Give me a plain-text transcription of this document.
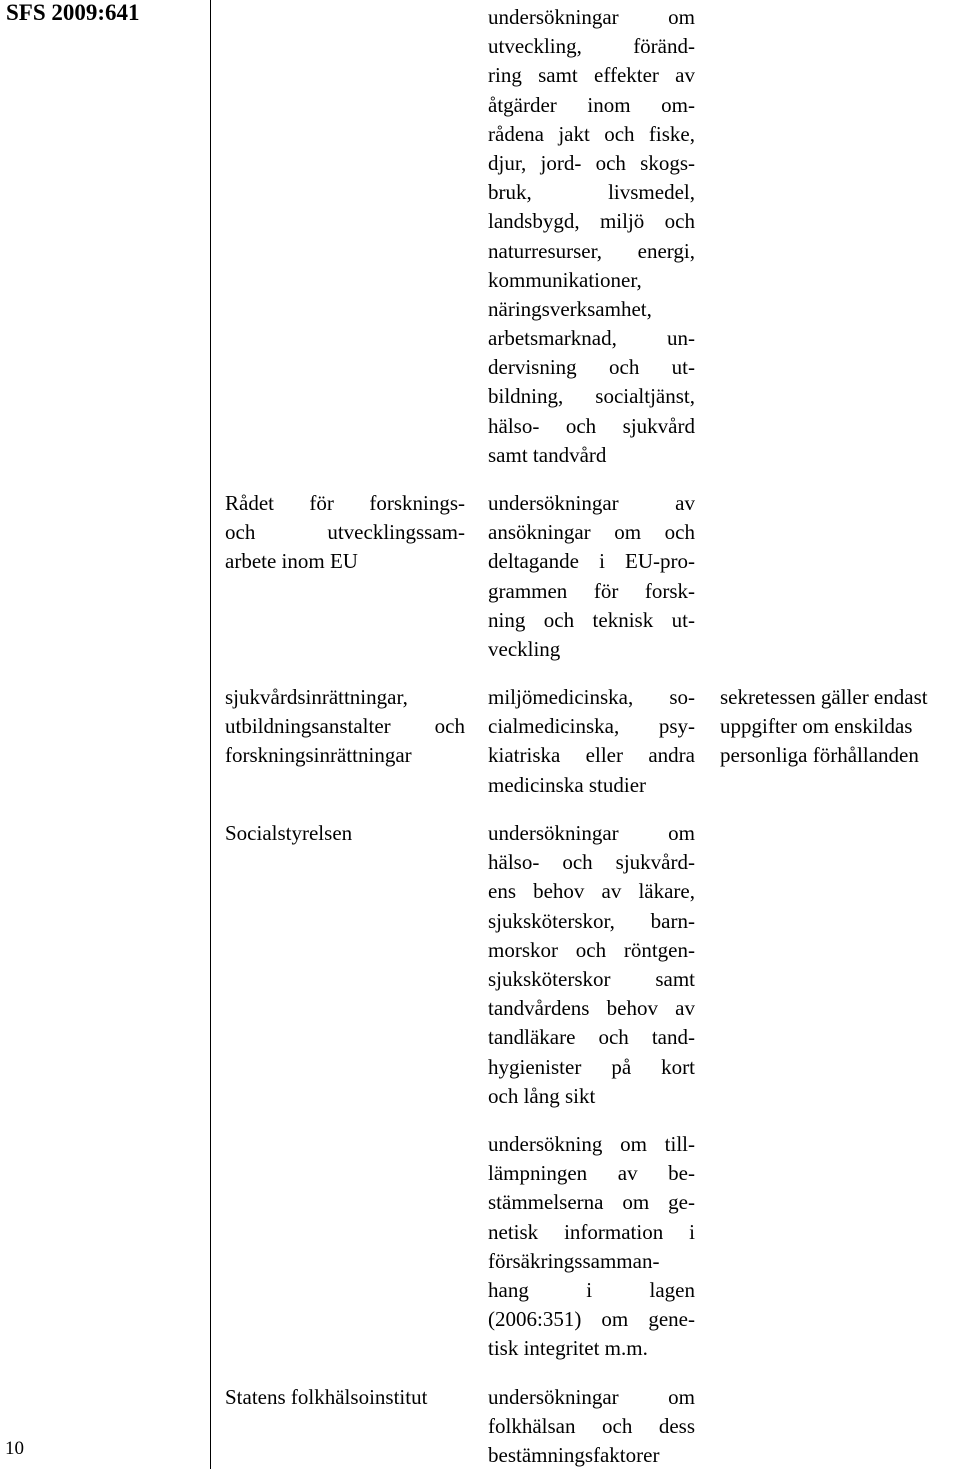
SFS 2009:641
10
undersökningar om
utveckling, föränd-
ring samt effekter av
åtgärder inom om-
rådena jakt och fiske,
djur, jord- och skogs-
bruk, livsmedel,
landsbygd, miljö och
naturresurser, energi,
kommunikationer,
näringsverksamhet,
arbetsmarknad, un-
dervisning och ut-
bildning, socialtjänst,
hälso- och sjukvård
samt tandvård
Rådet för forsknings-
och utvecklingssam-
arbete inom EU
undersökningar av
ansökningar om och
deltagande i EU-pro-
grammen för forsk-
ning och teknisk ut-
veckling
sjukvårdsinrättningar,
utbildningsanstalter och
forskningsinrättningar
miljömedicinska, so-
cialmedicinska, psy-
kiatriska eller andra
medicinska studier
sekretessen gäller endast
uppgifter om enskildas
personliga förhållanden
Socialstyrelsen	undersökningar om
hälso- och sjukvård-
ens behov av läkare,
sjuksköterskor, barn-
morskor och röntgen-
sjuksköterskor samt
tandvårdens behov av
tandläkare och tand-
hygienister på kort
och lång sikt
undersökning om till-
lämpningen av be-
stämmelserna om ge-
netisk information i
försäkringssamman-
hang i lagen
(2006:351) om gene-
tisk integritet m.m.
Statens folkhälsoinstitut	undersökningar om
folkhälsan och dess
bestämningsfaktorer
